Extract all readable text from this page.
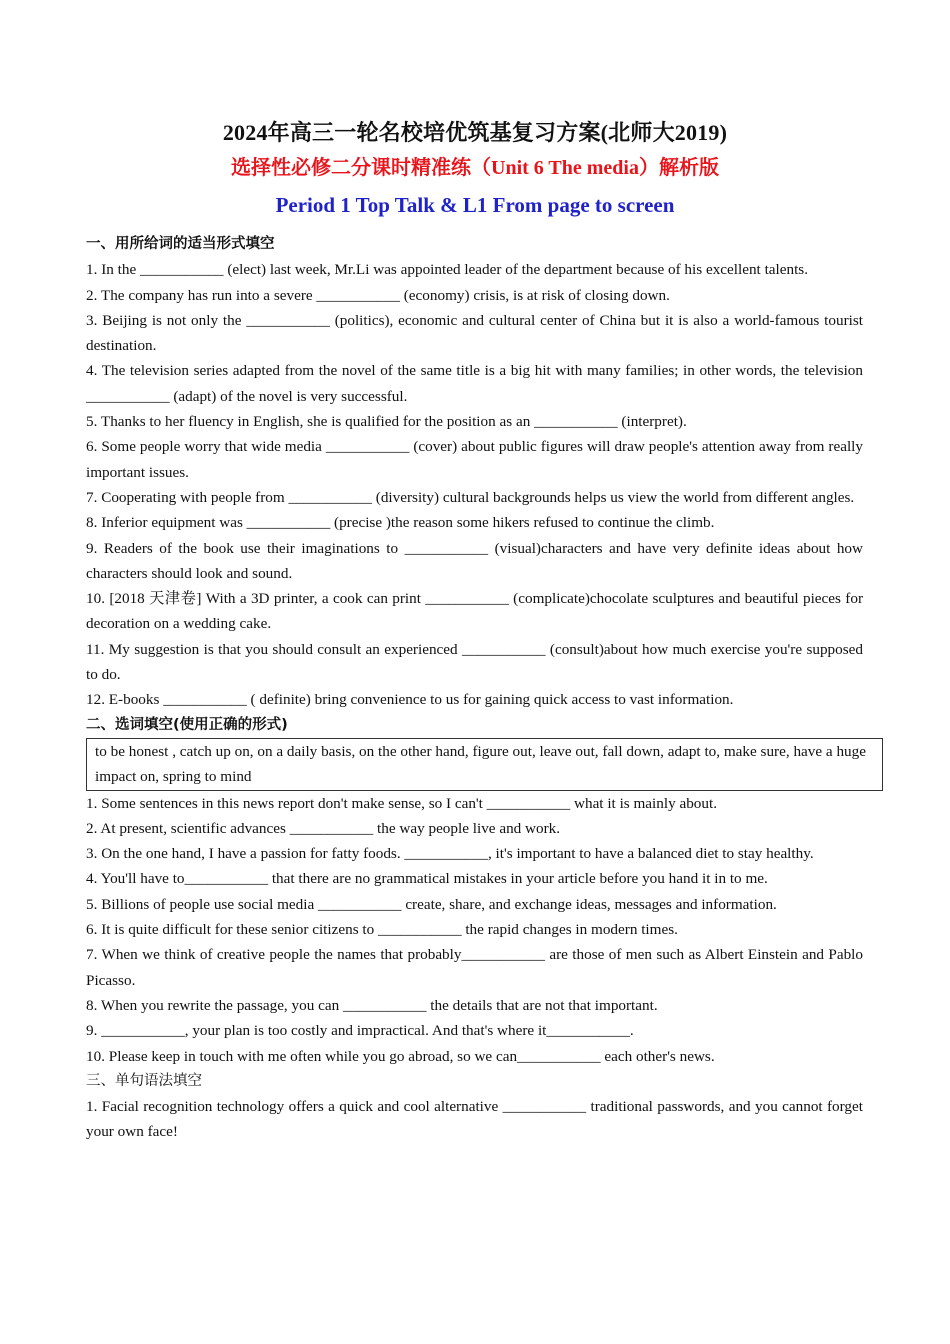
2024年高三一轮名校培优筑基复习方案(北师大2019)
选择性必修二分课时精准练（Unit 6 The media）解析版
Period 1 Top Talk & L1 From page to screen
一、用所给词的适当形式填空
1. In the ___________ (elect) last week, Mr.Li was appointed leader of the department because of his excellent talents.
2. The company has run into a severe ___________ (economy) crisis, is at risk of closing down.
3. Beijing is not only the ___________ (politics), economic and cultural center of China but it is also a world-famous tourist destination.
4. The television series adapted from the novel of the same title is a big hit with many families; in other words, the television ___________ (adapt) of the novel is very successful.
5. Thanks to her fluency in English, she is qualified for the position as an ___________ (interpret).
6. Some people worry that wide media ___________ (cover) about public figures will draw people's attention away from really important issues.
7. Cooperating with people from ___________ (diversity) cultural backgrounds helps us view the world from different angles.
8. Inferior equipment was ___________ (precise )the reason some hikers refused to continue the climb.
9. Readers of the book use their imaginations to ___________ (visual)characters and have very definite ideas about how characters should look and sound.
10. [2018 天津卷] With a 3D printer, a cook can print ___________ (complicate)chocolate sculptures and beautiful pieces for decoration on a wedding cake.
11. My suggestion is that you should consult an experienced ___________ (consult)about how much exercise you're supposed to do.
12. E-books ___________ ( definite) bring convenience to us for gaining quick access to vast information.
二、选词填空(使用正确的形式)
to be honest , catch up on, on a daily basis, on the other hand, figure out, leave out, fall down, adapt to, make sure, have a huge impact on, spring to mind
1. Some sentences in this news report don't make sense, so I can't ___________ what it is mainly about.
2. At present, scientific advances ___________ the way people live and work.
3. On the one hand, I have a passion for fatty foods. ___________, it's important to have a balanced diet to stay healthy.
4. You'll have to___________ that there are no grammatical mistakes in your article before you hand it in to me.
5. Billions of people use social media ___________ create, share, and exchange ideas, messages and information.
6. It is quite difficult for these senior citizens to ___________ the rapid changes in modern times.
7. When we think of creative people the names that probably___________ are those of men such as Albert Einstein and Pablo Picasso.
8. When you rewrite the passage, you can ___________ the details that are not that important.
9. ___________, your plan is too costly and impractical. And that's where it___________.
10. Please keep in touch with me often while you go abroad, so we can___________ each other's news.
三、单句语法填空
1. Facial recognition technology offers a quick and cool alternative ___________ traditional passwords, and you cannot forget your own face!
